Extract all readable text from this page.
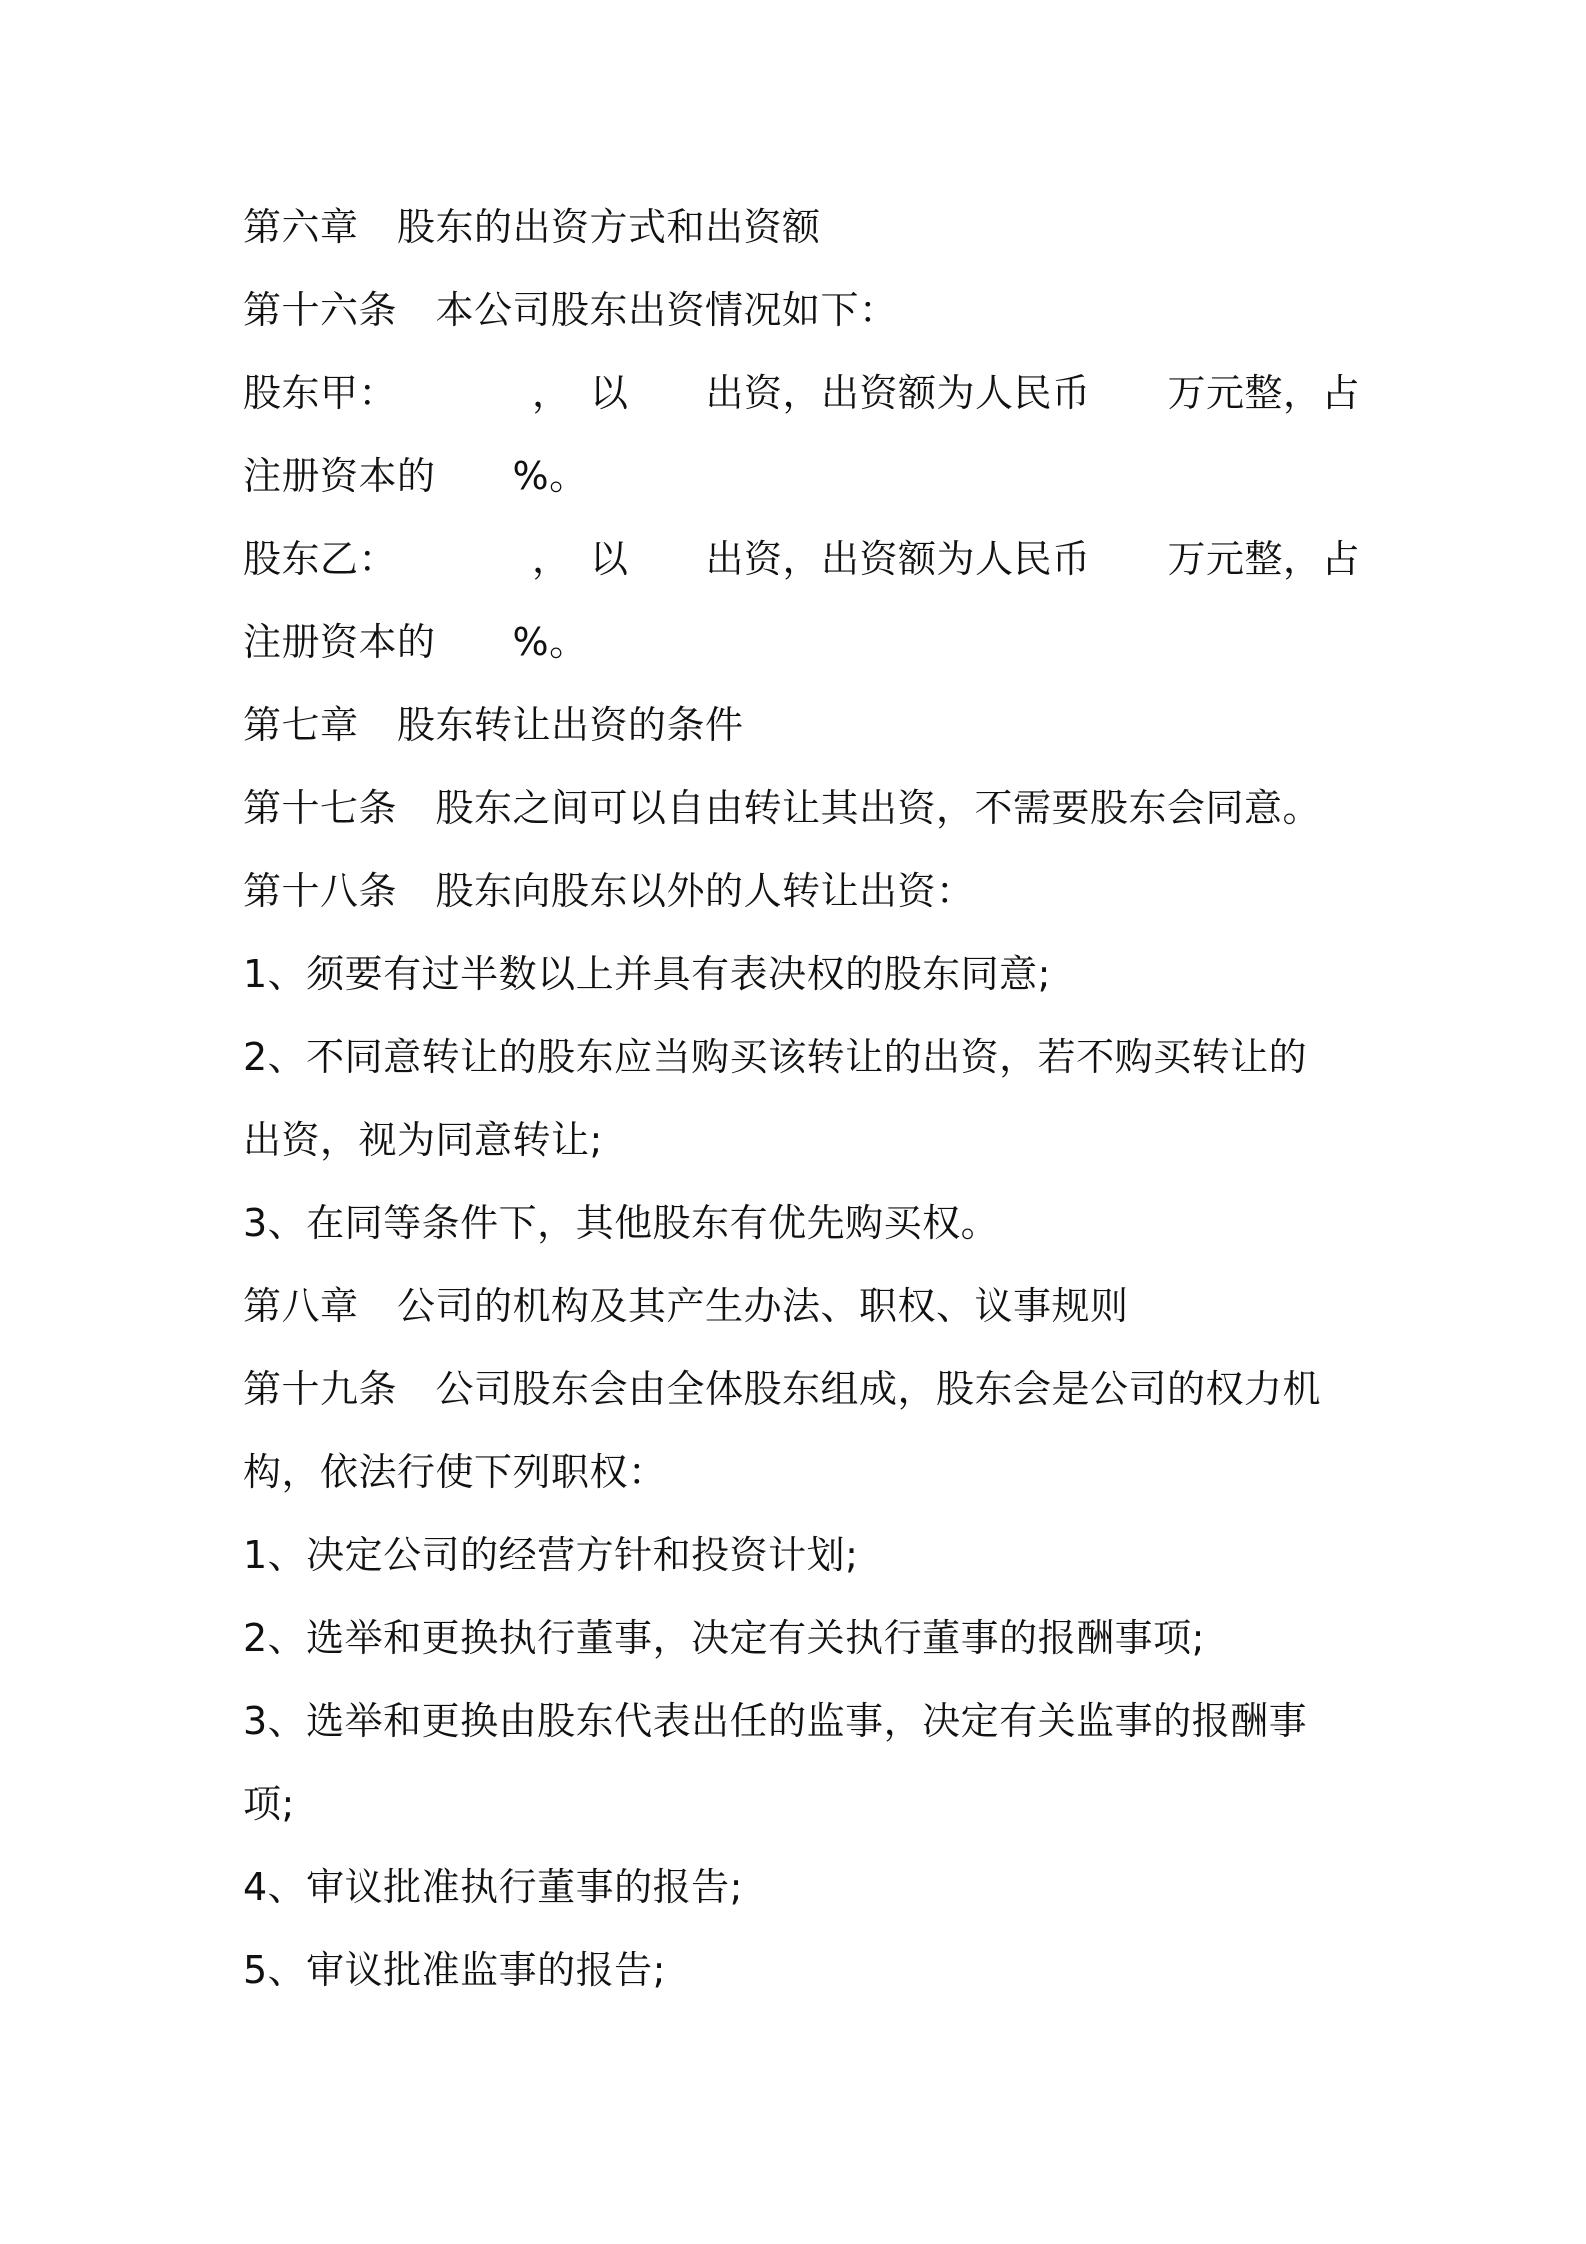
第六章　股东的出资方式和出资额
第十六条　本公司股东出资情况如下：
股东甲：　　　　，　以　　出资，出资额为人民币　　万元整，占
注册资本的　　%。
股东乙：　　　　，　以　　出资，出资额为人民币　　万元整，占
注册资本的　　%。
第七章　股东转让出资的条件
第十七条　股东之间可以自由转让其出资，不需要股东会同意。
第十八条　股东向股东以外的人转让出资：
1、须要有过半数以上并具有表决权的股东同意;
2、不同意转让的股东应当购买该转让的出资，若不购买转让的
出资，视为同意转让;
3、在同等条件下，其他股东有优先购买权。
第八章　公司的机构及其产生办法、职权、议事规则
第十九条　公司股东会由全体股东组成，股东会是公司的权力机
构，依法行使下列职权：
1、决定公司的经营方针和投资计划;
2、选举和更换执行董事，决定有关执行董事的报酬事项;
3、选举和更换由股东代表出任的监事，决定有关监事的报酬事
项;
4、审议批准执行董事的报告;
5、审议批准监事的报告;
